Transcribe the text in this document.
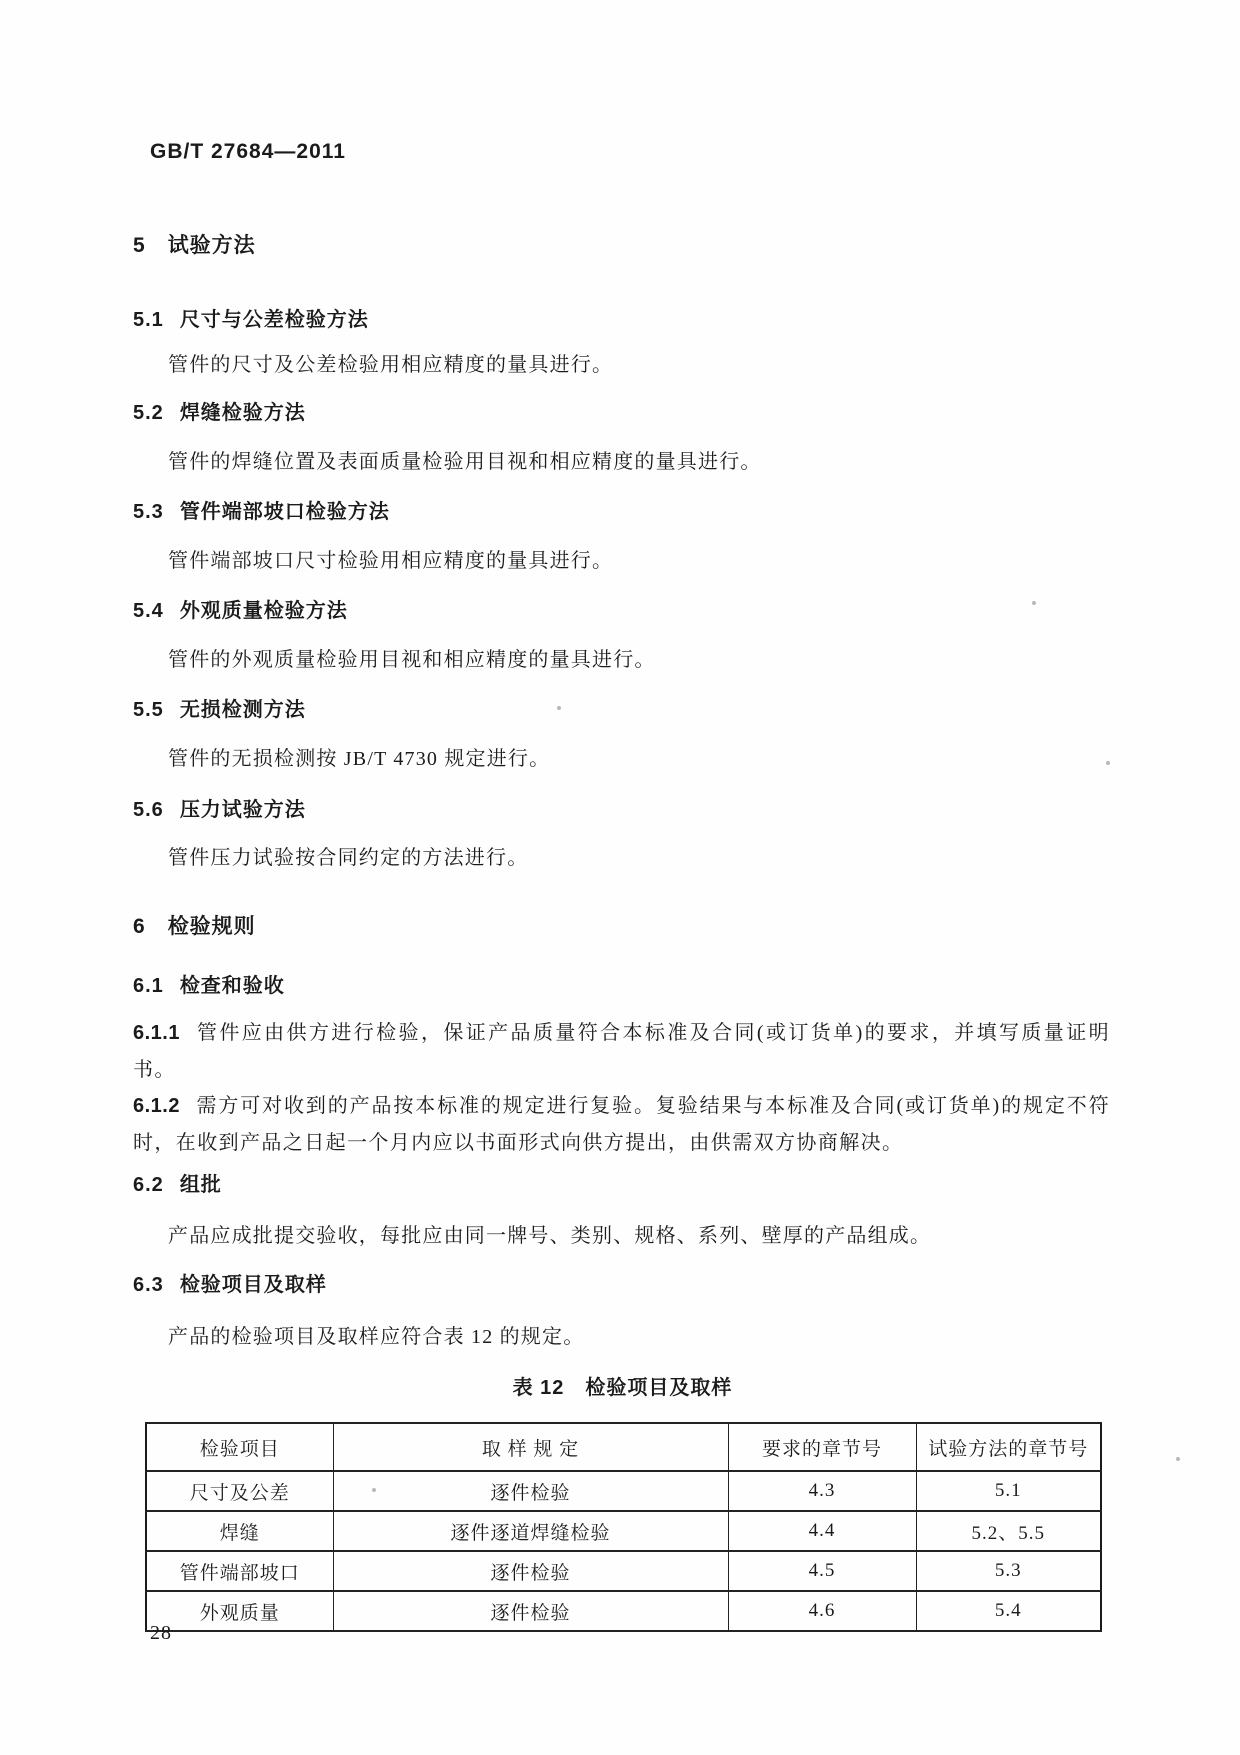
GB/T 27684—2011
5 试验方法
5.1 尺寸与公差检验方法
管件的尺寸及公差检验用相应精度的量具进行。
5.2 焊缝检验方法
管件的焊缝位置及表面质量检验用目视和相应精度的量具进行。
5.3 管件端部坡口检验方法
管件端部坡口尺寸检验用相应精度的量具进行。
5.4 外观质量检验方法
管件的外观质量检验用目视和相应精度的量具进行。
5.5 无损检测方法
管件的无损检测按 JB/T 4730 规定进行。
5.6 压力试验方法
管件压力试验按合同约定的方法进行。
6 检验规则
6.1 检查和验收
6.1.1 管件应由供方进行检验，保证产品质量符合本标准及合同(或订货单)的要求，并填写质量证明书。
6.1.2 需方可对收到的产品按本标准的规定进行复验。复验结果与本标准及合同(或订货单)的规定不符时，在收到产品之日起一个月内应以书面形式向供方提出，由供需双方协商解决。
6.2 组批
产品应成批提交验收，每批应由同一牌号、类别、规格、系列、壁厚的产品组成。
6.3 检验项目及取样
产品的检验项目及取样应符合表 12 的规定。
表 12　检验项目及取样
检验项目	取 样 规 定	要求的章节号	试验方法的章节号
尺寸及公差	逐件检验	4.3	5.1
焊缝	逐件逐道焊缝检验	4.4	5.2、5.5
管件端部坡口	逐件检验	4.5	5.3
外观质量	逐件检验	4.6	5.4
28
